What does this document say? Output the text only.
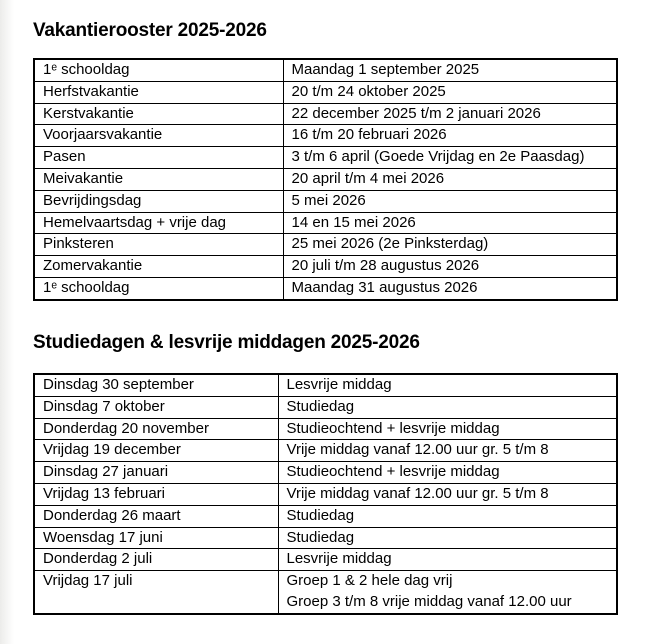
Vakantierooster 2025-2026
1ᵉ schooldag	Maandag 1 september 2025
Herfstvakantie	20 t/m 24 oktober 2025
Kerstvakantie	22 december 2025 t/m 2 januari 2026
Voorjaarsvakantie	16 t/m 20 februari 2026
Pasen	3 t/m 6 april (Goede Vrijdag en 2e Paasdag)
Meivakantie	20 april t/m 4 mei 2026
Bevrijdingsdag	5 mei 2026
Hemelvaartsdag + vrije dag	14 en 15 mei 2026
Pinksteren	25 mei 2026 (2e Pinksterdag)
Zomervakantie	20 juli t/m 28 augustus 2026
1ᵉ schooldag	Maandag 31 augustus 2026
Studiedagen & lesvrije middagen 2025-2026
Dinsdag 30 september	Lesvrije middag
Dinsdag 7 oktober	Studiedag
Donderdag 20 november	Studieochtend + lesvrije middag
Vrijdag 19 december	Vrije middag vanaf 12.00 uur gr. 5 t/m 8
Dinsdag 27 januari	Studieochtend + lesvrije middag
Vrijdag 13 februari	Vrije middag vanaf 12.00 uur gr. 5 t/m 8
Donderdag 26 maart	Studiedag
Woensdag 17 juni	Studiedag
Donderdag 2 juli	Lesvrije middag
Vrijdag 17 juli	Groep 1 & 2 hele dag vrij
Groep 3 t/m 8 vrije middag vanaf 12.00 uur
